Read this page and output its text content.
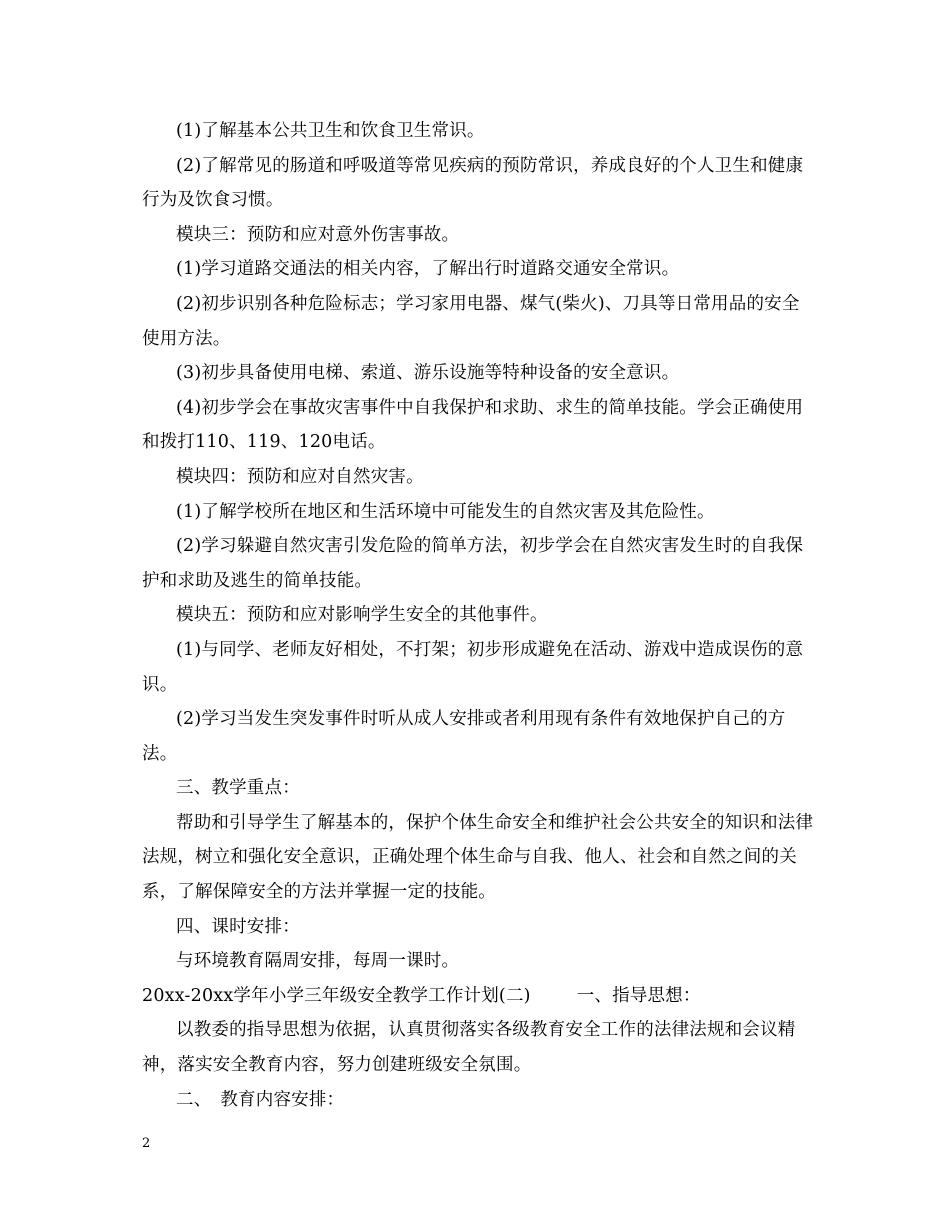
(1)了解基本公共卫生和饮食卫生常识。

(2)了解常见的肠道和呼吸道等常见疾病的预防常识，养成良好的个人卫生和健康行为及饮食习惯。

模块三：预防和应对意外伤害事故。

(1)学习道路交通法的相关内容，了解出行时道路交通安全常识。

(2)初步识别各种危险标志；学习家用电器、煤气(柴火)、刀具等日常用品的安全使用方法。

(3)初步具备使用电梯、索道、游乐设施等特种设备的安全意识。

(4)初步学会在事故灾害事件中自我保护和求助、求生的简单技能。学会正确使用和拨打110、119、120电话。

模块四：预防和应对自然灾害。

(1)了解学校所在地区和生活环境中可能发生的自然灾害及其危险性。

(2)学习躲避自然灾害引发危险的简单方法，初步学会在自然灾害发生时的自我保护和求助及逃生的简单技能。

模块五：预防和应对影响学生安全的其他事件。

(1)与同学、老师友好相处，不打架；初步形成避免在活动、游戏中造成误伤的意识。

(2)学习当发生突发事件时听从成人安排或者利用现有条件有效地保护自己的方法。

三、教学重点：

帮助和引导学生了解基本的，保护个体生命安全和维护社会公共安全的知识和法律法规，树立和强化安全意识，正确处理个体生命与自我、他人、社会和自然之间的关系，了解保障安全的方法并掌握一定的技能。

四、课时安排：

与环境教育隔周安排，每周一课时。

20xx-20xx学年小学三年级安全教学工作计划(二)	一、指导思想：

以教委的指导思想为依据，认真贯彻落实各级教育安全工作的法律法规和会议精神，落实安全教育内容，努力创建班级安全氛围。

二、　教育内容安排：

2
